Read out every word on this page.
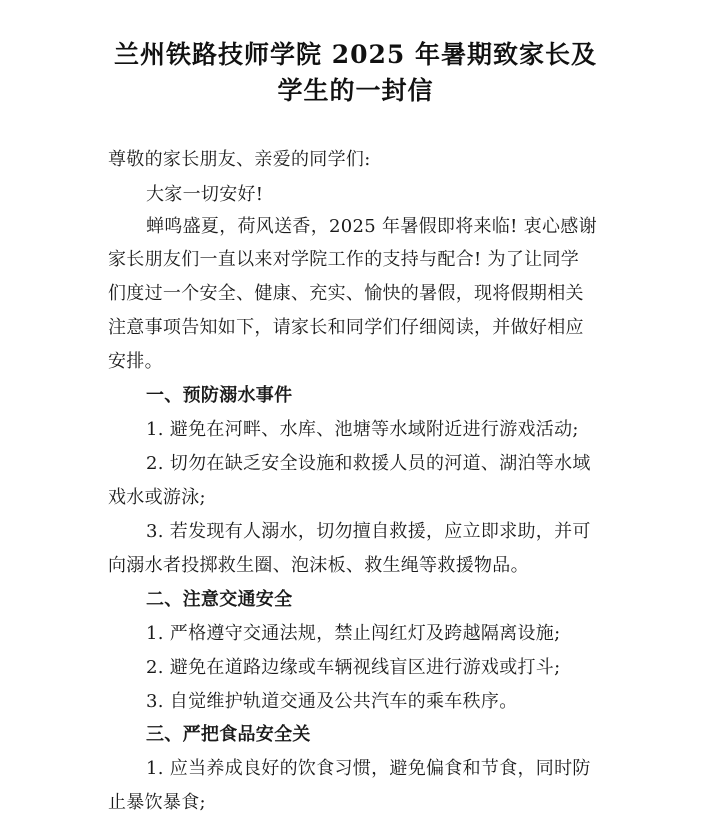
兰州铁路技师学院 2025 年暑期致家长及
学生的一封信
尊敬的家长朋友、亲爱的同学们:
大家一切安好!
蝉鸣盛夏，荷风送香，2025 年暑假即将来临! 衷心感谢
家长朋友们一直以来对学院工作的支持与配合! 为了让同学
们度过一个安全、健康、充实、愉快的暑假，现将假期相关
注意事项告知如下，请家长和同学们仔细阅读，并做好相应
安排。
一、预防溺水事件
1. 避免在河畔、水库、池塘等水域附近进行游戏活动;
2. 切勿在缺乏安全设施和救援人员的河道、湖泊等水域
戏水或游泳;
3. 若发现有人溺水，切勿擅自救援，应立即求助，并可
向溺水者投掷救生圈、泡沫板、救生绳等救援物品。
二、注意交通安全
1. 严格遵守交通法规，禁止闯红灯及跨越隔离设施;
2. 避免在道路边缘或车辆视线盲区进行游戏或打斗;
3. 自觉维护轨道交通及公共汽车的乘车秩序。
三、严把食品安全关
1. 应当养成良好的饮食习惯，避免偏食和节食，同时防
止暴饮暴食;
